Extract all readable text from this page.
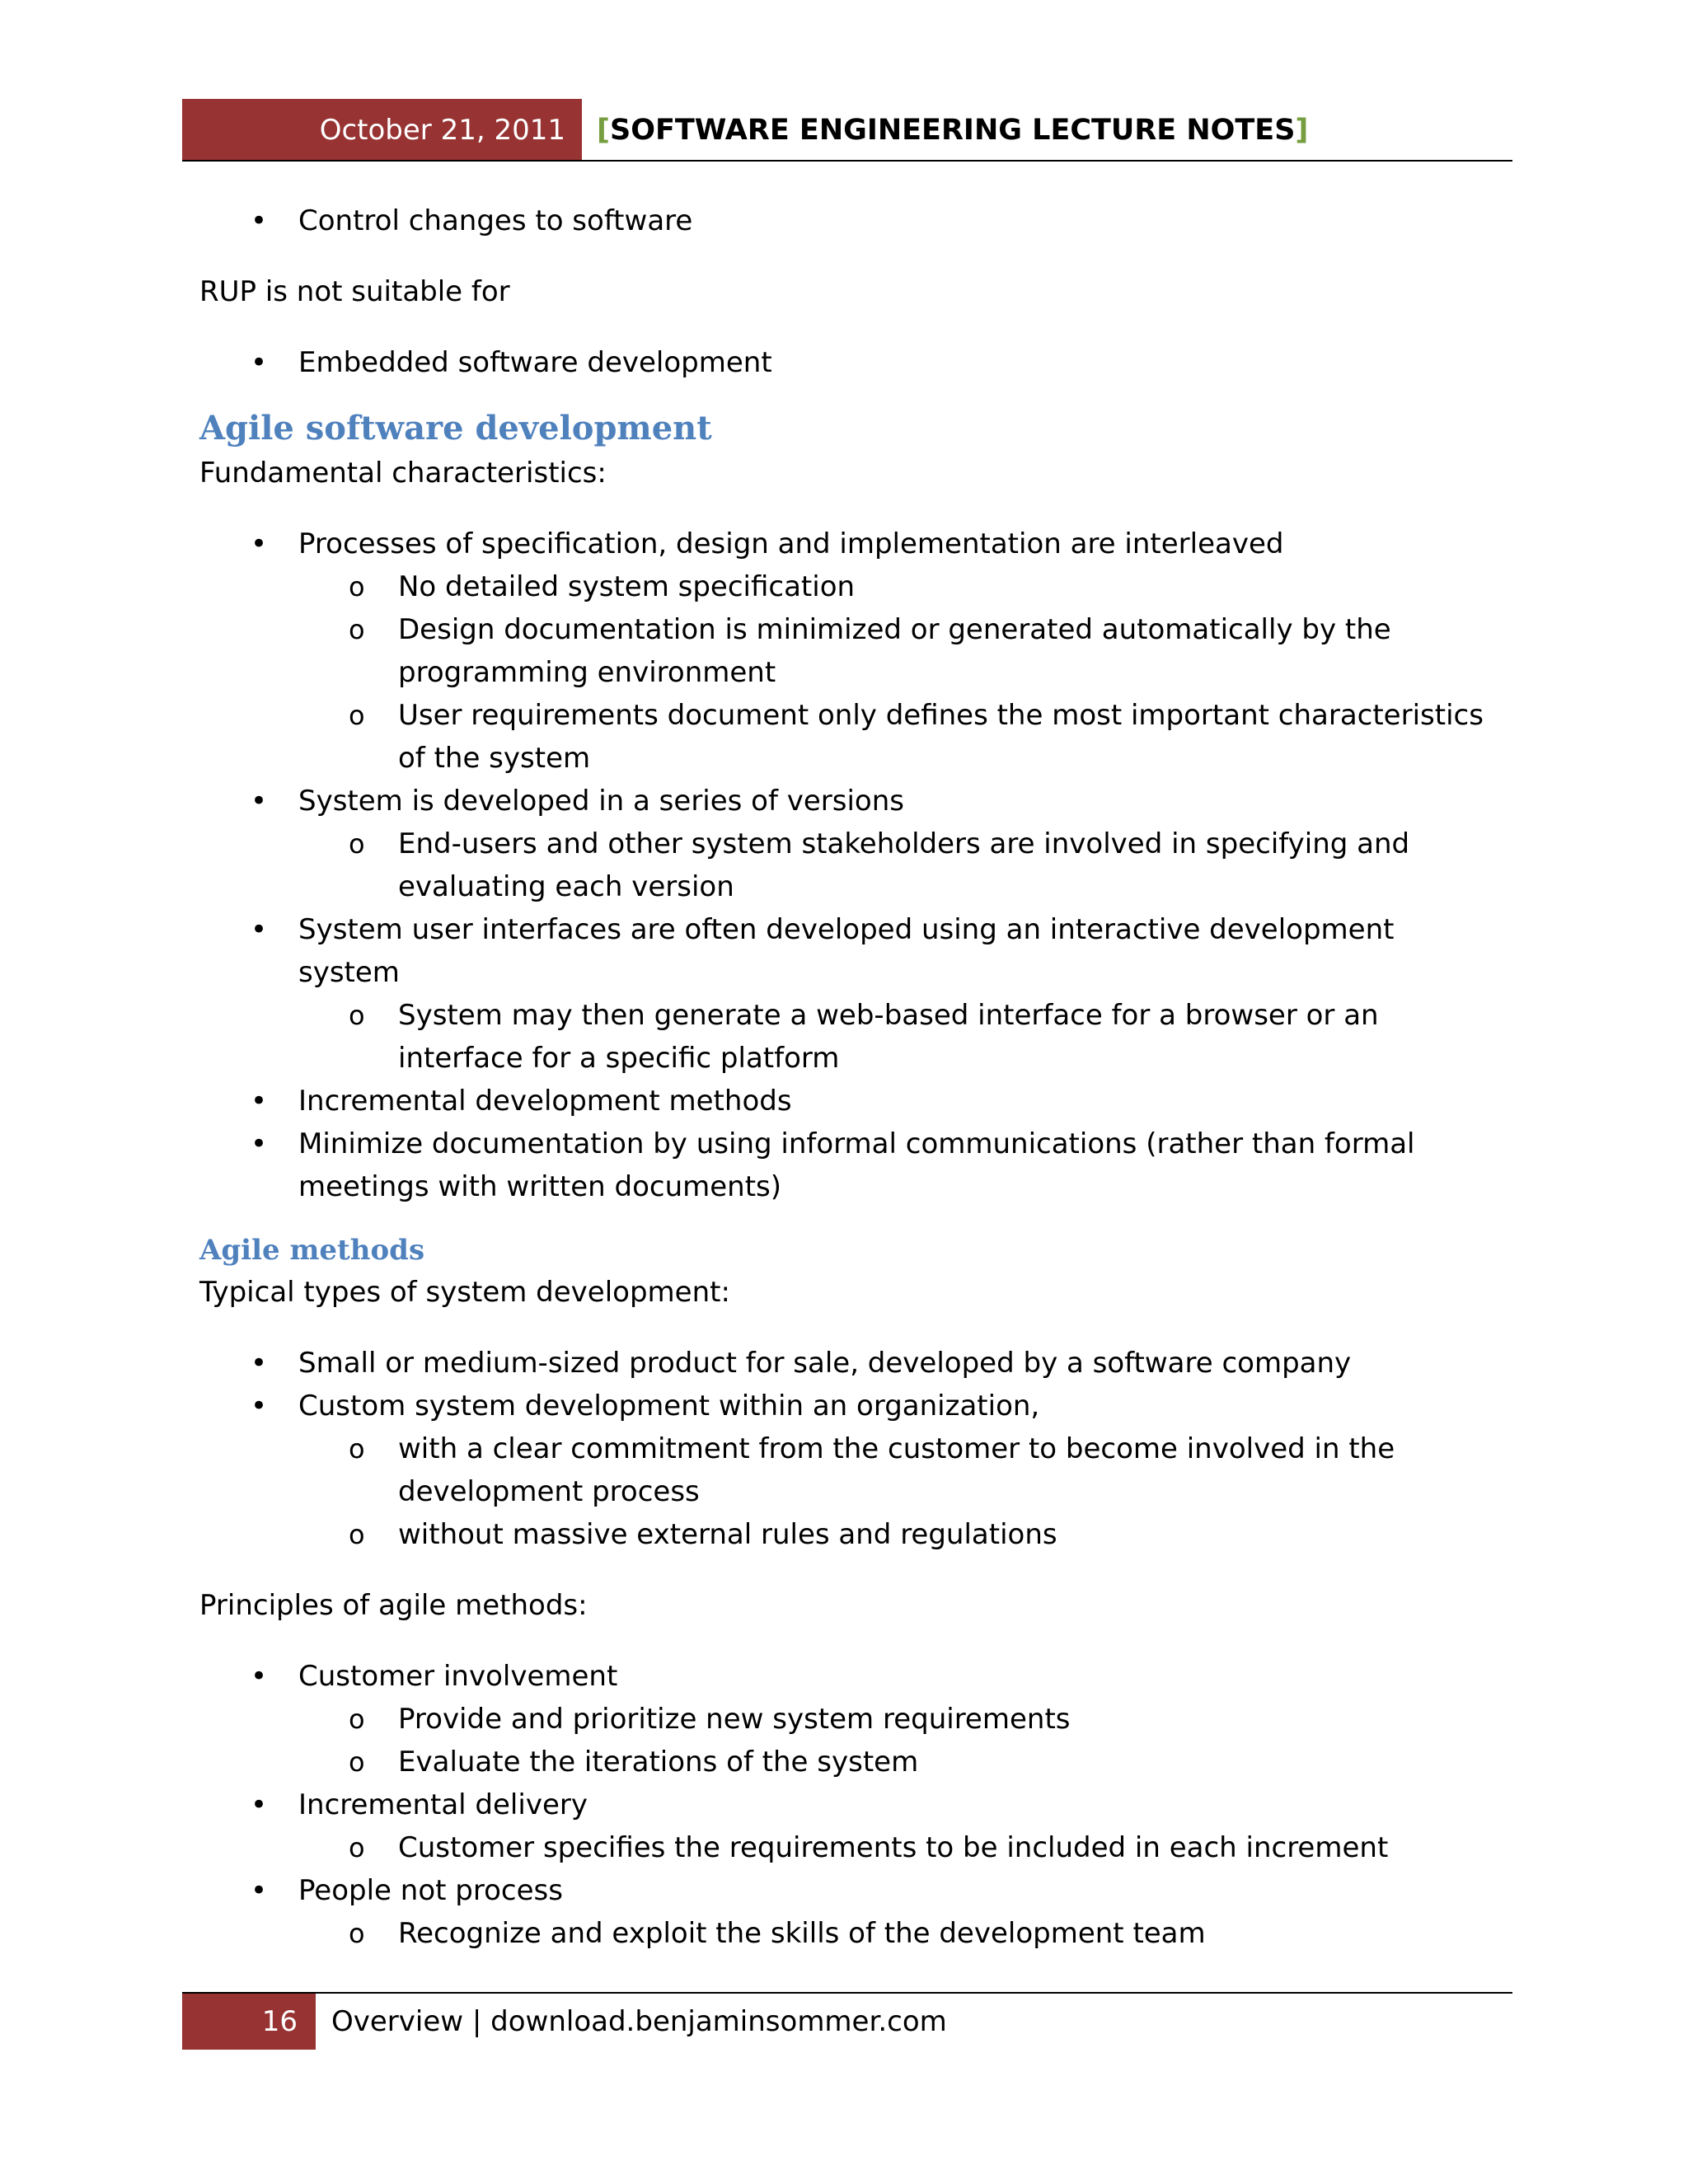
October 21, 2011	[SOFTWARE ENGINEERING LECTURE NOTES]
• Control changes to software

RUP is not suitable for

• Embedded software development
Agile software development

Fundamental characteristics:

• Processes of specification, design and implementation are interleaved
o No detailed system specification
o Design documentation is minimized or generated automatically by the programming environment
o User requirements document only defines the most important characteristics of the system
• System is developed in a series of versions
o End-users and other system stakeholders are involved in specifying and evaluating each version
• System user interfaces are often developed using an interactive development system
o System may then generate a web-based interface for a browser or an interface for a specific platform
• Incremental development methods
• Minimize documentation by using informal communications (rather than formal meetings with written documents)
Agile methods

Typical types of system development:

• Small or medium-sized product for sale, developed by a software company
• Custom system development within an organization,
o with a clear commitment from the customer to become involved in the development process
o without massive external rules and regulations

Principles of agile methods:

• Customer involvement
o Provide and prioritize new system requirements
o Evaluate the iterations of the system
• Incremental delivery
o Customer specifies the requirements to be included in each increment
• People not process
o Recognize and exploit the skills of the development team
16 Overview | download.benjaminsommer.com
